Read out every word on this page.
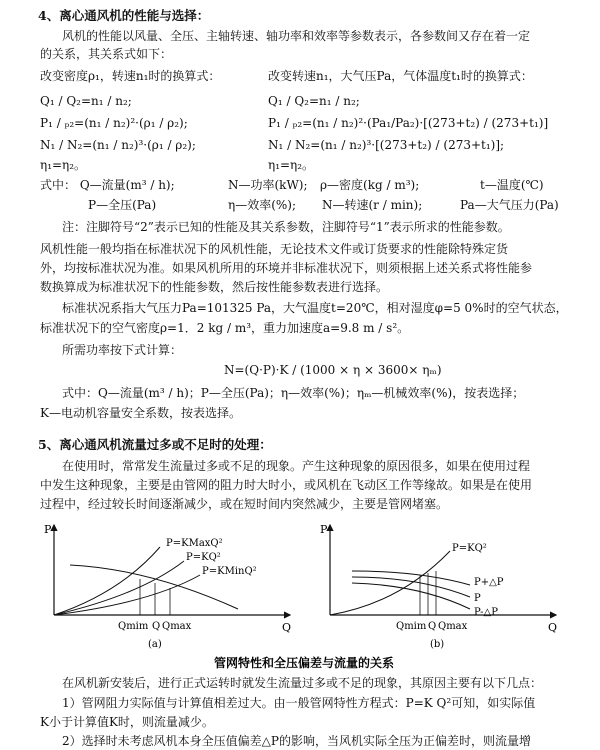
4、离心通风机的性能与选择：
风机的性能以风量、全压、主轴转速、轴功率和效率等参数表示，各参数间又存在着一定
的关系，其关系式如下：
改变密度ρ₁，转速n₁时的换算式：	改变转速n₁，大气压Pa，气体温度t₁时的换算式：
Q₁ / Q₂=n₁ / n₂;	Q₁ / Q₂=n₁ / n₂;
P₁ / ₚ₂=(n₁ / n₂)²·(ρ₁ / ρ₂);	P₁ / ₚ₂=(n₁ / n₂)²·(Pa₁/Pa₂)·[(273+t₂) / (273+t₁)]
N₁ / N₂=(n₁ / n₂)³·(ρ₁ / ρ₂);	N₁ / N₂=(n₁ / n₂)³·[(273+t₂) / (273+t₁)];
η₁=η₂。	η₁=η₂。
式中： Q—流量(m³ / h);	N—功率(kW); ρ—密度(kg / m³);	t—温度(℃)
P—全压(Pa)	η—效率(%); N—转速(r / min);	Pa—大气压力(Pa)
注：注脚符号“2”表示已知的性能及其关系参数，注脚符号“1”表示所求的性能参数。
风机性能一般均指在标准状况下的风机性能，无论技术文件或订货要求的性能除特殊定货
外，均按标准状况为准。如果风机所用的环境并非标准状况下，则须根据上述关系式将性能参
数换算成为标准状况下的性能参数，然后按性能参数表进行选择。
标准状况系指大气压力Pa=101325 Pa，大气温度t=20℃，相对湿度φ=5 0%时的空气状态，
标准状况下的空气密度ρ=1．2 kg / m³，重力加速度a=9.8 m / s²。
所需功率按下式计算：
N=(Q·P)·K / (1000 × η × 3600× ηₘ)
式中：Q—流量(m³ / h)；P—全压(Pa)；η—效率(%)；ηₘ—机械效率(%)，按表选择；
K—电动机容量安全系数，按表选择。
5、离心通风机流量过多或不足时的处理：
在使用时，常常发生流量过多或不足的现象。产生这种现象的原因很多，如果在使用过程
中发生这种现象，主要是由管网的阻力时大时小，或风机在飞动区工作等缘故。如果是在使用
过程中，经过较长时间逐渐减少，或在短时间内突然减少，主要是管网堵塞。
P
Q
P=KMaxQ²
P=KQ²
P=KMinQ²
Qmim Q Qmax
(a)
P
Q
P=KQ²
P+△P
P
P-△P
Qmim Q Qmax
(b)
管网特性和全压偏差与流量的关系
在风机新安装后，进行正式运转时就发生流量过多或不足的现象，其原因主要有以下几点：
1）管网阻力实际值与计算值相差过大。由一般管网特性方程式：P=K Q²可知，如实际值
K小于计算值K时，则流量减少。
2）选择时未考虑风机本身全压值偏差△P的影响，当风机实际全压为正偏差时，则流量增
